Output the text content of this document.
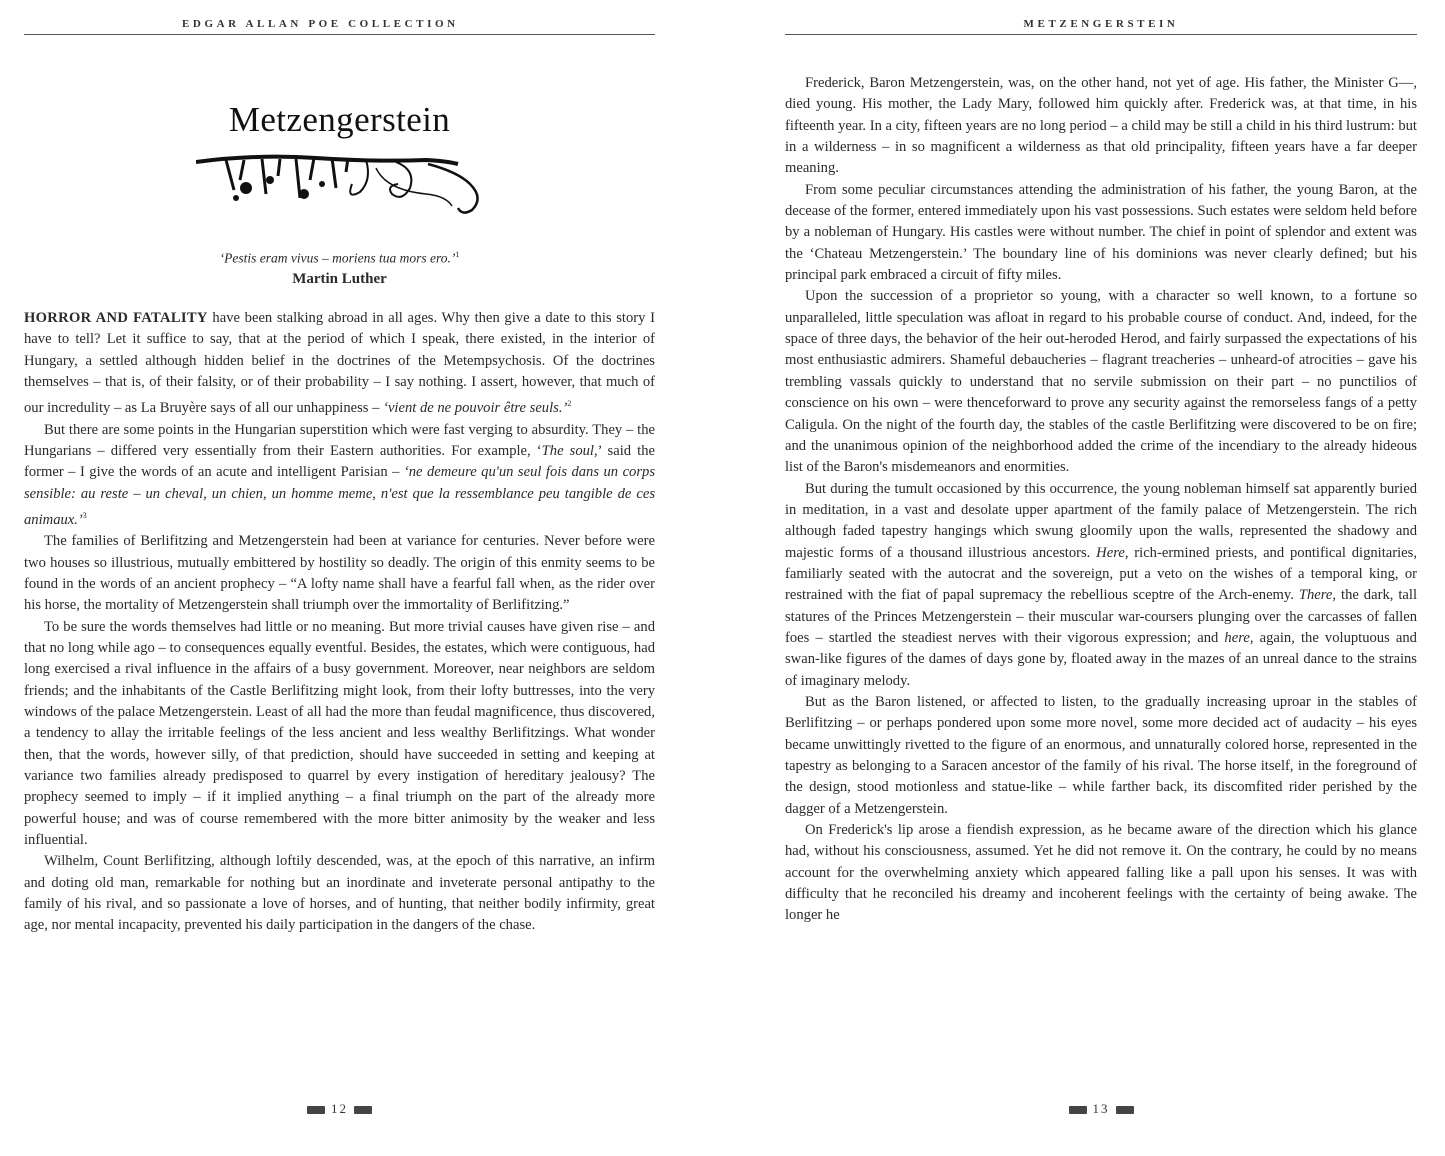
EDGAR ALLAN POE COLLECTION
Metzengerstein
‘Pestis eram vivus – moriens tua mors ero.’$^1$
Martin Luther

HORROR AND FATALITY have been stalking abroad in all ages. Why then give a date to this story I have to tell? Let it suffice to say, that at the period of which I speak, there existed, in the interior of Hungary, a settled although hidden belief in the doctrines of the Metempsychosis. Of the doctrines themselves – that is, of their falsity, or of their probability – I say nothing. I assert, however, that much of our incredulity – as La Bruyère says of all our unhappiness – ‘vient de ne pouvoir être seuls.’$^2$

But there are some points in the Hungarian superstition which were fast verging to absurdity. They – the Hungarians – differed very essentially from their Eastern authorities. For example, ‘The soul,’ said the former – I give the words of an acute and intelligent Parisian – ‘ne demeure qu'un seul fois dans un corps sensible: au reste – un cheval, un chien, un homme meme, n'est que la ressemblance peu tangible de ces animaux.’$^3$

The families of Berlifitzing and Metzengerstein had been at variance for centuries. Never before were two houses so illustrious, mutually embittered by hostility so deadly. The origin of this enmity seems to be found in the words of an ancient prophecy – “A lofty name shall have a fearful fall when, as the rider over his horse, the mortality of Metzengerstein shall triumph over the immortality of Berlifitzing.”

To be sure the words themselves had little or no meaning. But more trivial causes have given rise – and that no long while ago – to consequences equally eventful. Besides, the estates, which were contiguous, had long exercised a rival influence in the affairs of a busy government. Moreover, near neighbors are seldom friends; and the inhabitants of the Castle Berlifitzing might look, from their lofty buttresses, into the very windows of the palace Metzengerstein. Least of all had the more than feudal magnificence, thus discovered, a tendency to allay the irritable feelings of the less ancient and less wealthy Berlifitzings. What wonder then, that the words, however silly, of that prediction, should have succeeded in setting and keeping at variance two families already predisposed to quarrel by every instigation of hereditary jealousy? The prophecy seemed to imply – if it implied anything – a final triumph on the part of the already more powerful house; and was of course remembered with the more bitter animosity by the weaker and less influential.

Wilhelm, Count Berlifitzing, although loftily descended, was, at the epoch of this narrative, an infirm and doting old man, remarkable for nothing but an inordinate and inveterate personal antipathy to the family of his rival, and so passionate a love of horses, and of hunting, that neither bodily infirmity, great age, nor mental incapacity, prevented his daily participation in the dangers of the chase.

12
METZENGERSTEIN

Frederick, Baron Metzengerstein, was, on the other hand, not yet of age. His father, the Minister G—, died young. His mother, the Lady Mary, followed him quickly after. Frederick was, at that time, in his fifteenth year. In a city, fifteen years are no long period – a child may be still a child in his third lustrum: but in a wilderness – in so magnificent a wilderness as that old principality, fifteen years have a far deeper meaning.

From some peculiar circumstances attending the administration of his father, the young Baron, at the decease of the former, entered immediately upon his vast possessions. Such estates were seldom held before by a nobleman of Hungary. His castles were without number. The chief in point of splendor and extent was the ‘Chateau Metzengerstein.’ The boundary line of his dominions was never clearly defined; but his principal park embraced a circuit of fifty miles.

Upon the succession of a proprietor so young, with a character so well known, to a fortune so unparalleled, little speculation was afloat in regard to his probable course of conduct. And, indeed, for the space of three days, the behavior of the heir out-heroded Herod, and fairly surpassed the expectations of his most enthusiastic admirers. Shameful debaucheries – flagrant treacheries – unheard-of atrocities – gave his trembling vassals quickly to understand that no servile submission on their part – no punctilios of conscience on his own – were thenceforward to prove any security against the remorseless fangs of a petty Caligula. On the night of the fourth day, the stables of the castle Berlifitzing were discovered to be on fire; and the unanimous opinion of the neighborhood added the crime of the incendiary to the already hideous list of the Baron's misdemeanors and enormities.

But during the tumult occasioned by this occurrence, the young nobleman himself sat apparently buried in meditation, in a vast and desolate upper apartment of the family palace of Metzengerstein. The rich although faded tapestry hangings which swung gloomily upon the walls, represented the shadowy and majestic forms of a thousand illustrious ancestors. Here, rich-ermined priests, and pontifical dignitaries, familiarly seated with the autocrat and the sovereign, put a veto on the wishes of a temporal king, or restrained with the fiat of papal supremacy the rebellious sceptre of the Arch-enemy. There, the dark, tall statures of the Princes Metzengerstein – their muscular war-coursers plunging over the carcasses of fallen foes – startled the steadiest nerves with their vigorous expression; and here, again, the voluptuous and swan-like figures of the dames of days gone by, floated away in the mazes of an unreal dance to the strains of imaginary melody.

But as the Baron listened, or affected to listen, to the gradually increasing uproar in the stables of Berlifitzing – or perhaps pondered upon some more novel, some more decided act of audacity – his eyes became unwittingly rivetted to the figure of an enormous, and unnaturally colored horse, represented in the tapestry as belonging to a Saracen ancestor of the family of his rival. The horse itself, in the foreground of the design, stood motionless and statue-like – while farther back, its discomfited rider perished by the dagger of a Metzengerstein.

On Frederick's lip arose a fiendish expression, as he became aware of the direction which his glance had, without his consciousness, assumed. Yet he did not remove it. On the contrary, he could by no means account for the overwhelming anxiety which appeared falling like a pall upon his senses. It was with difficulty that he reconciled his dreamy and incoherent feelings with the certainty of being awake. The longer he

13
